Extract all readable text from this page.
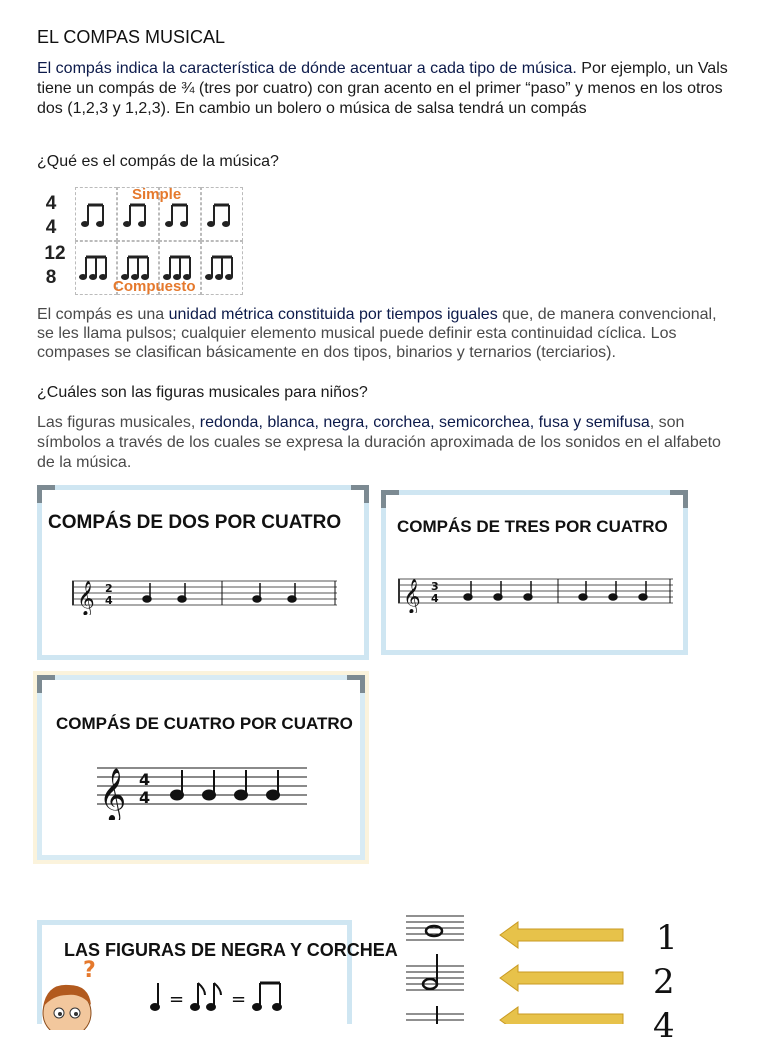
EL COMPAS MUSICAL

El compás indica la característica de dónde acentuar a cada tipo de música. Por ejemplo, un Vals tiene un compás de ¾ (tres por cuatro) con gran acento en el primer “paso” y menos en los otros dos (1,2,3 y 1,2,3). En cambio un bolero o música de salsa tendrá un compás

¿Qué es el compás de la música?
4
4
12
8
Simple
Compuesto

El compás es una unidad métrica constituida por tiempos iguales que, de manera convencional, se les llama pulsos; cualquier elemento musical puede definir esta continuidad cíclica. Los compases se clasifican básicamente en dos tipos, binarios y ternarios (terciarios).

¿Cuáles son las figuras musicales para niños?

Las figuras musicales, redonda, blanca, negra, corchea, semicorchea, fusa y semifusa, son símbolos a través de los cuales se expresa la duración aproximada de los sonidos en el alfabeto de la música.

COMPÁS DE DOS POR CUATRO
𝄞 2
4
COMPÁS DE TRES POR CUATRO
𝄞 3
4
COMPÁS DE CUATRO POR CUATRO
𝄞 4
4
LAS FIGURAS DE NEGRA Y CORCHEA
?
=	=
1
2
4
